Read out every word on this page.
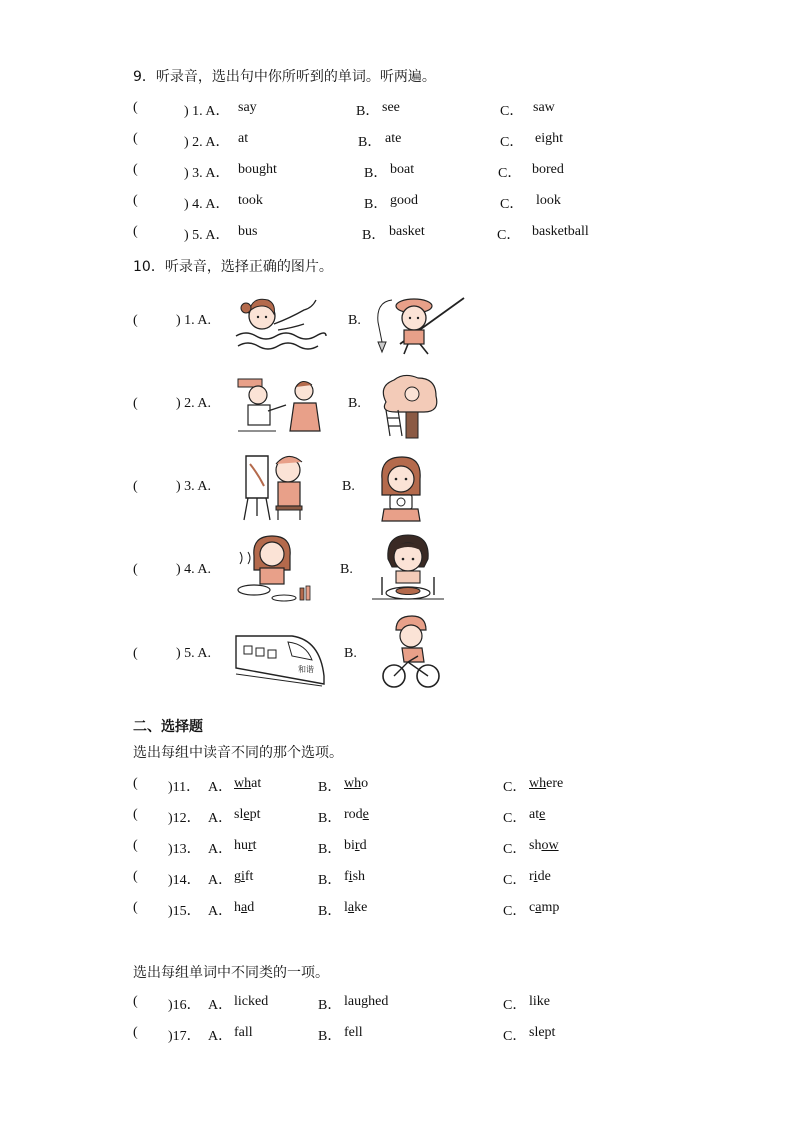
9．听录音，选出句中你所听到的单词。听两遍。
(	) 1. A． say	B． see	C． saw
(	) 2. A． at	B． ate	C． eight
(	) 3. A． bought	B． boat	C． bored
(	) 4. A． took	B． good	C． look
(	) 5. A． bus	B． basket	C． basketball
10．听录音，选择正确的图片。
(	) 1. A.	B.
(	) 2. A.	B.
(	) 3. A.	B.
(	) 4. A.	B.
(	) 5. A.	B.
和谐
二、选择题
选出每组中读音不同的那个选项。
( )11． A． what	B． who	C． where
( )12． A． slept	B． rode	C． ate
( )13． A． hurt	B． bird	C． show
( )14． A． gift	B． fish	C． ride
( )15． A． had	B． lake	C． camp
选出每组单词中不同类的一项。
( )16． A． licked	B． laughed	C． like
( )17． A． fall	B． fell	C． slept
